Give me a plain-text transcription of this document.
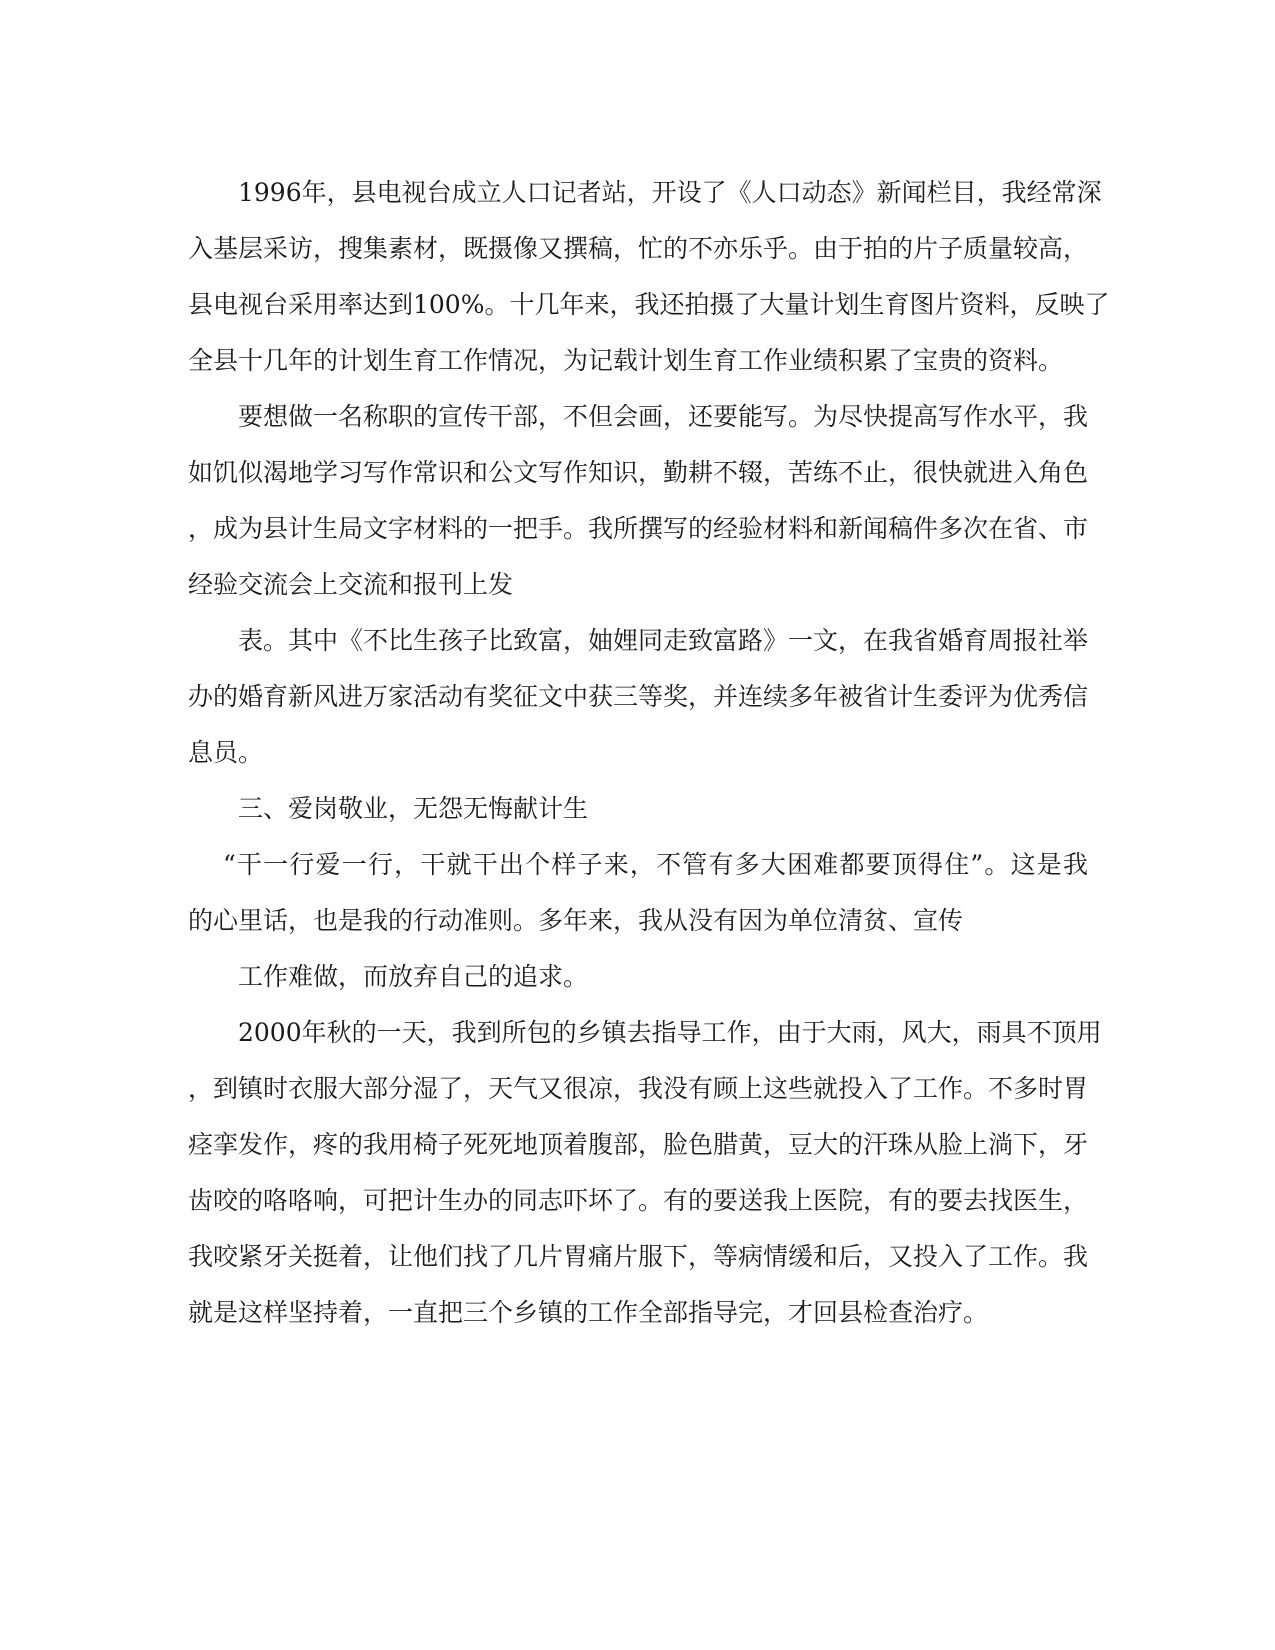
1996年，县电视台成立人口记者站，开设了《人口动态》新闻栏目，我经常深
入基层采访，搜集素材，既摄像又撰稿，忙的不亦乐乎。由于拍的片子质量较高，
县电视台采用率达到100%。十几年来，我还拍摄了大量计划生育图片资料，反映了
全县十几年的计划生育工作情况，为记载计划生育工作业绩积累了宝贵的资料。
要想做一名称职的宣传干部，不但会画，还要能写。为尽快提高写作水平，我
如饥似渴地学习写作常识和公文写作知识，勤耕不辍，苦练不止，很快就进入角色
，成为县计生局文字材料的一把手。我所撰写的经验材料和新闻稿件多次在省、市
经验交流会上交流和报刊上发
表。其中《不比生孩子比致富，妯娌同走致富路》一文，在我省婚育周报社举
办的婚育新风进万家活动有奖征文中获三等奖，并连续多年被省计生委评为优秀信
息员。
三、爱岗敬业，无怨无悔献计生
“干一行爱一行，干就干出个样子来，不管有多大困难都要顶得住”。这是我
的心里话，也是我的行动准则。多年来，我从没有因为单位清贫、宣传
工作难做，而放弃自己的追求。
2000年秋的一天，我到所包的乡镇去指导工作，由于大雨，风大，雨具不顶用
，到镇时衣服大部分湿了，天气又很凉，我没有顾上这些就投入了工作。不多时胃
痉挛发作，疼的我用椅子死死地顶着腹部，脸色腊黄，豆大的汗珠从脸上淌下，牙
齿咬的咯咯响，可把计生办的同志吓坏了。有的要送我上医院，有的要去找医生，
我咬紧牙关挺着，让他们找了几片胃痛片服下，等病情缓和后，又投入了工作。我
就是这样坚持着，一直把三个乡镇的工作全部指导完，才回县检查治疗。
